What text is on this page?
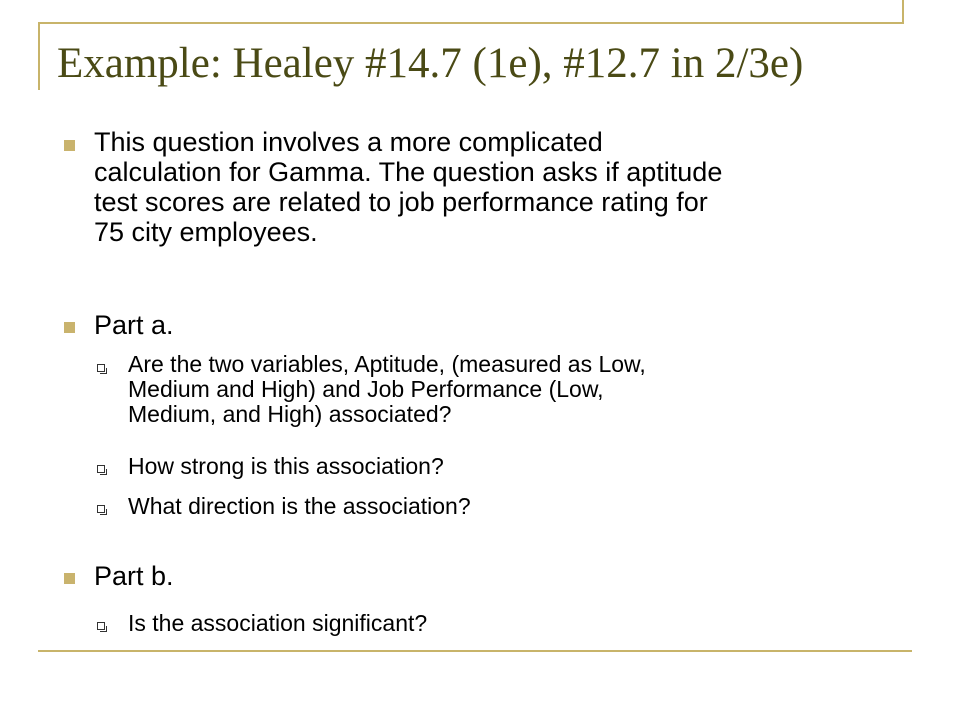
Example: Healey #14.7 (1e), #12.7 in 2/3e)
This question involves a more complicated
calculation for Gamma. The question asks if aptitude
test scores are related to job performance rating for
75 city employees.
Part a.
Are the two variables, Aptitude, (measured as Low,
Medium and High) and Job Performance (Low,
Medium, and High) associated?
How strong is this association?
What direction is the association?
Part b.
Is the association significant?
